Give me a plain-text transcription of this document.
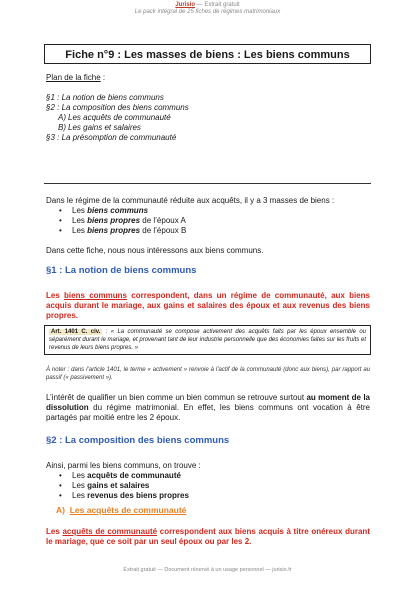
Jurisio — Extrait gratuit
Le pack intégral de 25 fiches de régimes matrimoniaux
Fiche n°9 : Les masses de biens : Les biens communs
Plan de la fiche :
§1 : La notion de biens communs
§2 : La composition des biens communs
A) Les acquêts de communauté
B) Les gains et salaires
§3 : La présomption de communauté
Dans le régime de la communauté réduite aux acquêts, il y a 3 masses de biens :
• Les biens communs
• Les biens propres de l’époux A
• Les biens propres de l’époux B
Dans cette fiche, nous nous intéressons aux biens communs.
§1 : La notion de biens communs
Les biens communs correspondent, dans un régime de communauté, aux biens acquis durant le mariage, aux gains et salaires des époux et aux revenus des biens propres.
Art. 1401 C. civ. : « La communauté se compose activement des acquêts faits par les époux ensemble ou séparément durant le mariage, et provenant tant de leur industrie personnelle que des économies faites sur les fruits et revenus de leurs biens propres. »
À noter : dans l’article 1401, le terme « activement » renvoie à l’actif de la communauté (donc aux biens), par rapport au passif (« passivement »).
L’intérêt de qualifier un bien comme un bien commun se retrouve surtout au moment de la dissolution du régime matrimonial. En effet, les biens communs ont vocation à être partagés par moitié entre les 2 époux.
§2 : La composition des biens communs
Ainsi, parmi les biens communs, on trouve :
• Les acquêts de communauté
• Les gains et salaires
• Les revenus des biens propres
A) Les acquêts de communauté
Les acquêts de communauté correspondent aux biens acquis à titre onéreux durant le mariage, que ce soit par un seul époux ou par les 2.
Extrait gratuit — Document réservé à un usage personnel — jurisio.fr
